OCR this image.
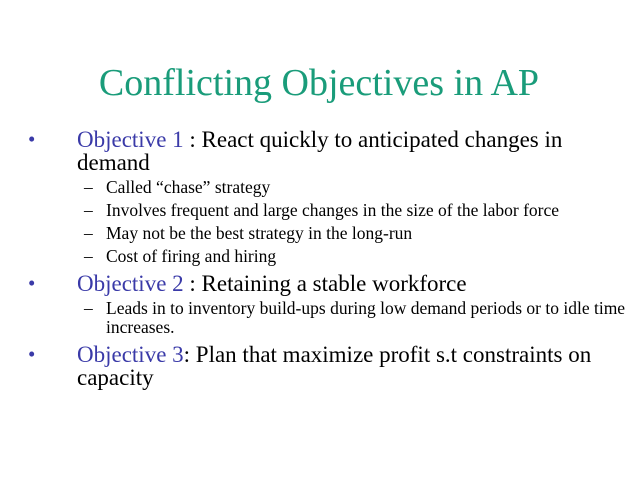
Conflicting Objectives in AP
• Objective 1 : React quickly to anticipated changes in demand
– Called “chase” strategy
– Involves frequent and large changes in the size of the labor force
– May not be the best strategy in the long-run
– Cost of firing and hiring
• Objective 2 : Retaining a stable workforce
– Leads in to inventory build-ups during low demand periods or to idle time increases.
• Objective 3: Plan that maximize profit s.t constraints on capacity
